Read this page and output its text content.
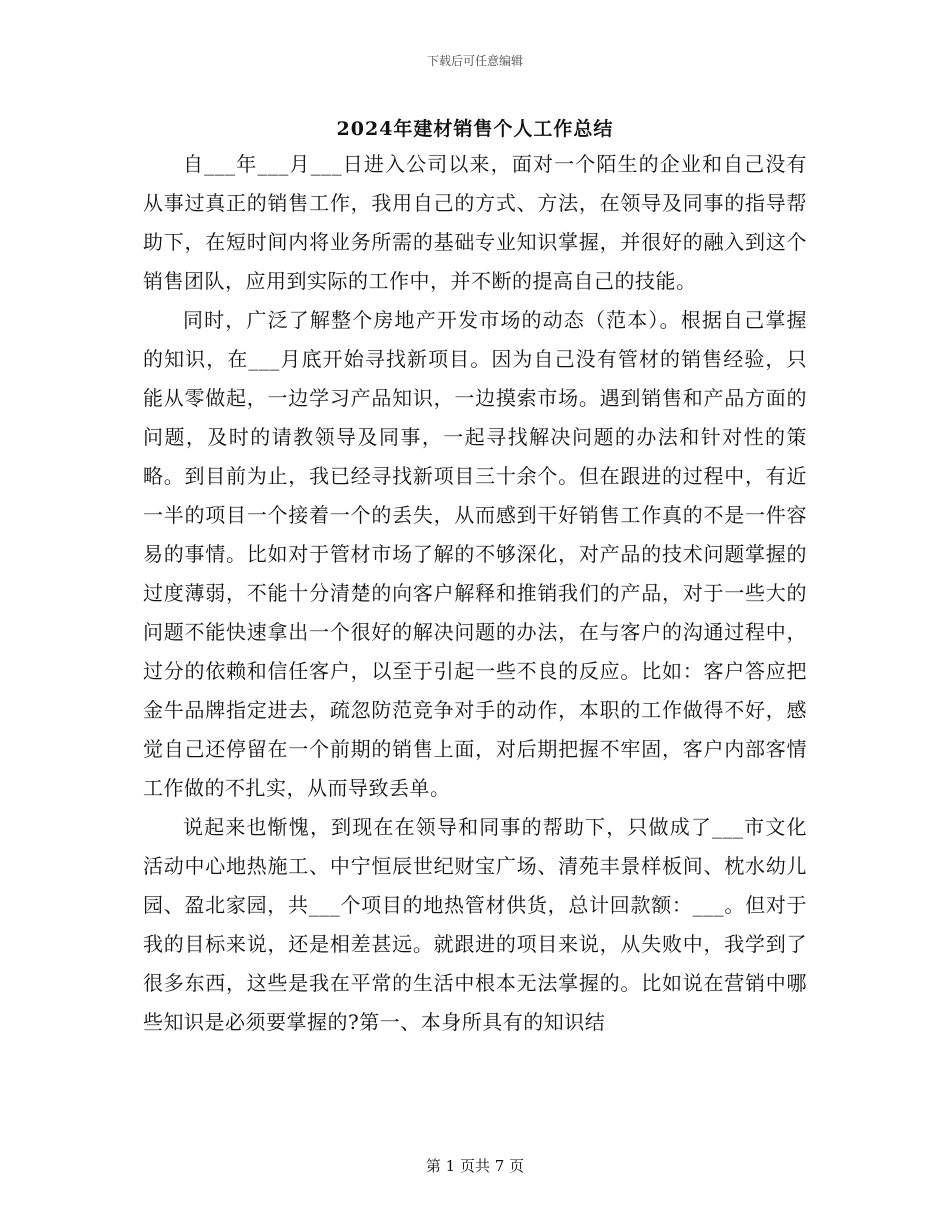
下载后可任意编辑
2024年建材销售个人工作总结

自___年___月___日进入公司以来，面对一个陌生的企业和自己没有从事过真正的销售工作，我用自己的方式、方法，在领导及同事的指导帮助下，在短时间内将业务所需的基础专业知识掌握，并很好的融入到这个销售团队，应用到实际的工作中，并不断的提高自己的技能。

同时，广泛了解整个房地产开发市场的动态（范本）。根据自己掌握的知识，在___月底开始寻找新项目。因为自己没有管材的销售经验，只能从零做起，一边学习产品知识，一边摸索市场。遇到销售和产品方面的问题，及时的请教领导及同事，一起寻找解决问题的办法和针对性的策略。到目前为止，我已经寻找新项目三十余个。但在跟进的过程中，有近一半的项目一个接着一个的丢失，从而感到干好销售工作真的不是一件容易的事情。比如对于管材市场了解的不够深化，对产品的技术问题掌握的过度薄弱，不能十分清楚的向客户解释和推销我们的产品，对于一些大的问题不能快速拿出一个很好的解决问题的办法，在与客户的沟通过程中，过分的依赖和信任客户，以至于引起一些不良的反应。比如：客户答应把金牛品牌指定进去，疏忽防范竞争对手的动作，本职的工作做得不好，感觉自己还停留在一个前期的销售上面，对后期把握不牢固，客户内部客情工作做的不扎实，从而导致丢单。

说起来也惭愧，到现在在领导和同事的帮助下，只做成了___市文化活动中心地热施工、中宁恒辰世纪财宝广场、清苑丰景样板间、枕水幼儿园、盈北家园，共___个项目的地热管材供货，总计回款额：___。但对于我的目标来说，还是相差甚远。就跟进的项目来说，从失败中，我学到了很多东西，这些是我在平常的生活中根本无法掌握的。比如说在营销中哪些知识是必须要掌握的?第一、本身所具有的知识结

第 1 页共 7 页
